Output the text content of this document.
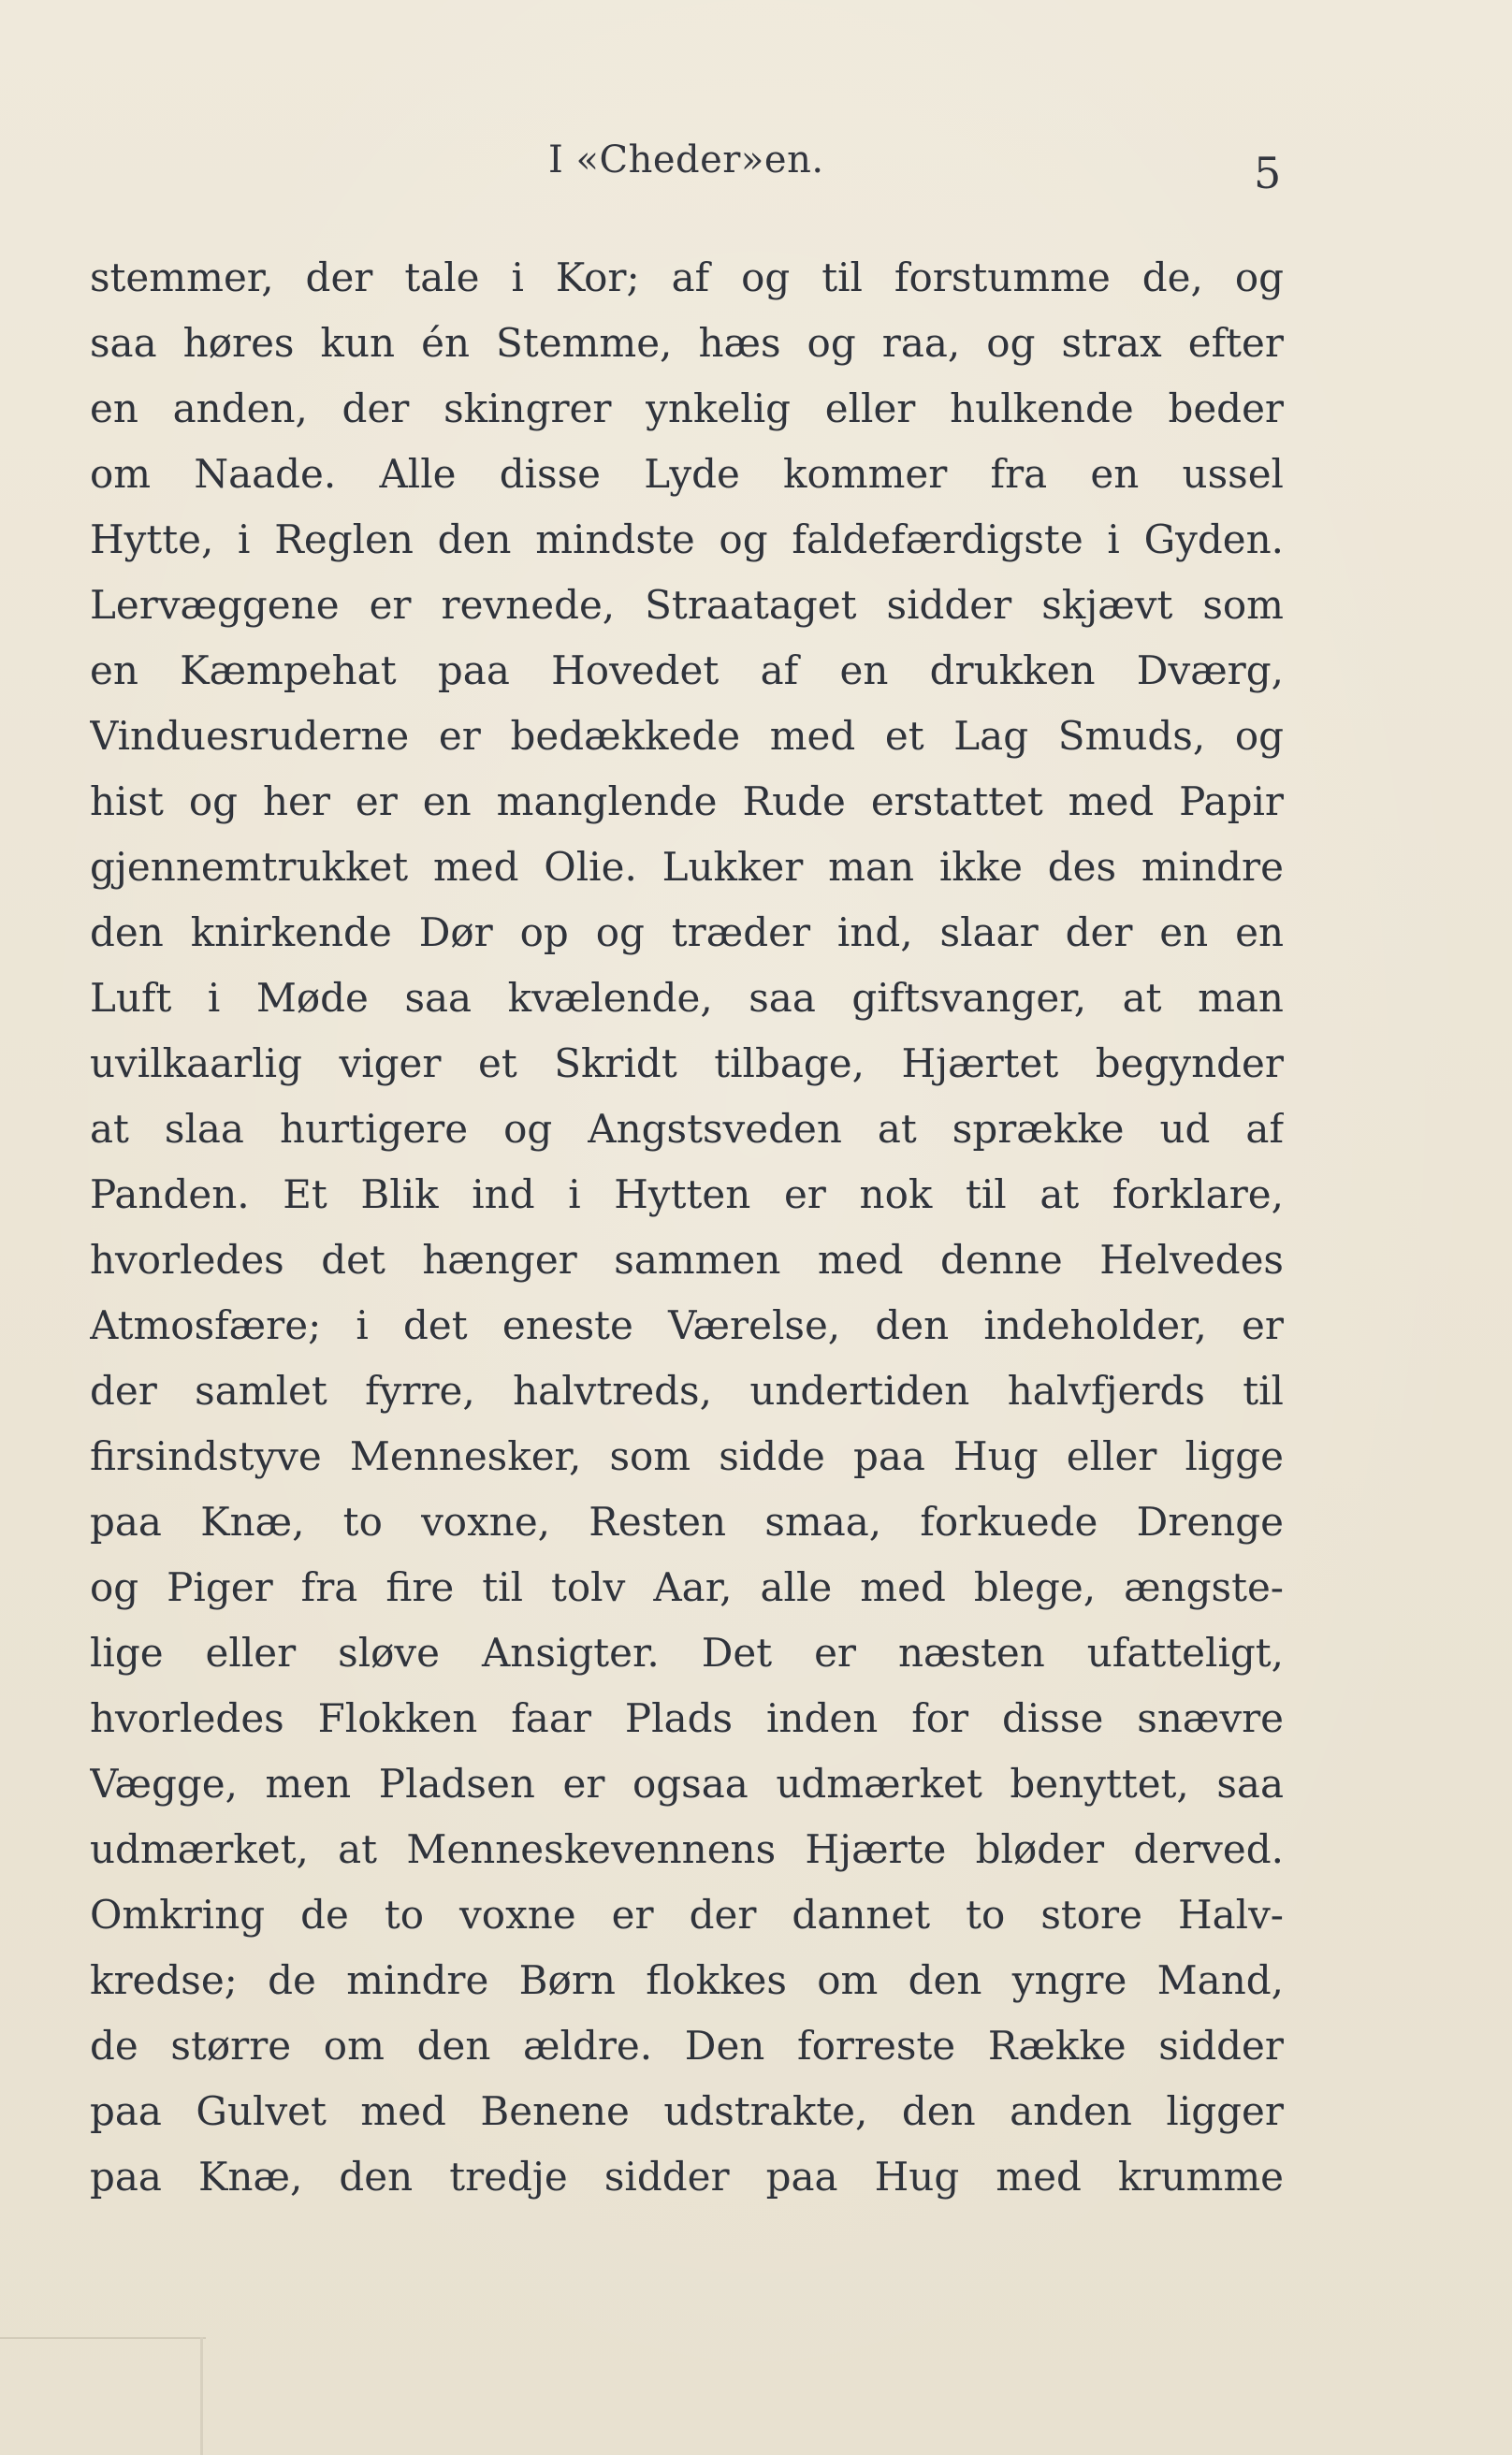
I «Cheder»en.	5
stemmer, der tale i Kor; af og til forstumme de, og
saa høres kun én Stemme, hæs og raa, og strax efter
en anden, der skingrer ynkelig eller hulkende beder
om Naade. Alle disse Lyde kommer fra en ussel
Hytte, i Reglen den mindste og faldefærdigste i Gyden.
Lervæggene er revnede, Straataget sidder skjævt som
en Kæmpehat paa Hovedet af en drukken Dværg,
Vinduesruderne er bedækkede med et Lag Smuds, og
hist og her er en manglende Rude erstattet med Papir
gjennemtrukket med Olie. Lukker man ikke des mindre
den knirkende Dør op og træder ind, slaar der en en
Luft i Møde saa kvælende, saa giftsvanger, at man
uvilkaarlig viger et Skridt tilbage, Hjærtet begynder
at slaa hurtigere og Angstsveden at sprække ud af
Panden. Et Blik ind i Hytten er nok til at forklare,
hvorledes det hænger sammen med denne Helvedes
Atmosfære; i det eneste Værelse, den indeholder, er
der samlet fyrre, halvtreds, undertiden halvfjerds til
firsindstyve Mennesker, som sidde paa Hug eller ligge
paa Knæ, to voxne, Resten smaa, forkuede Drenge
og Piger fra fire til tolv Aar, alle med blege, ængste-
lige eller sløve Ansigter. Det er næsten ufatteligt,
hvorledes Flokken faar Plads inden for disse snævre
Vægge, men Pladsen er ogsaa udmærket benyttet, saa
udmærket, at Menneskevennens Hjærte bløder derved.
Omkring de to voxne er der dannet to store Halv-
kredse; de mindre Børn flokkes om den yngre Mand,
de større om den ældre. Den forreste Række sidder
paa Gulvet med Benene udstrakte, den anden ligger
paa Knæ, den tredje sidder paa Hug med krumme
